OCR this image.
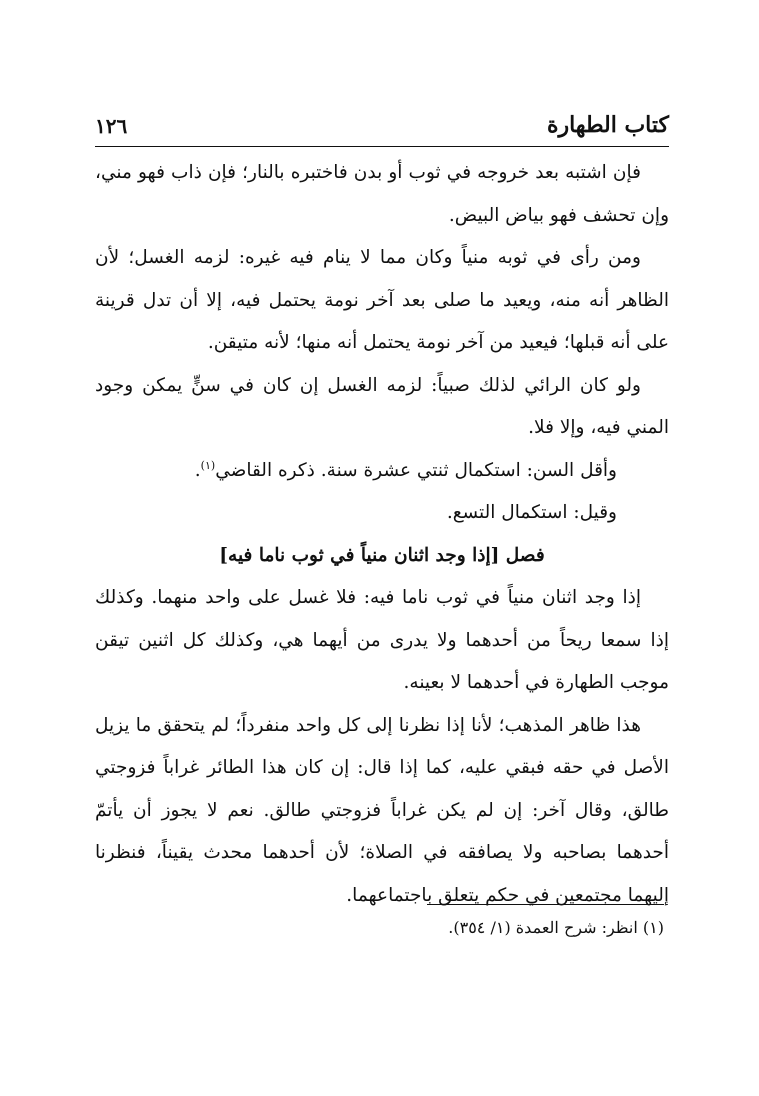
كتاب الطهارة
١٢٦

فإن اشتبه بعد خروجه في ثوب أو بدن فاختبره بالنار؛ فإن ذاب فهو مني، وإن تحشف فهو بياض البيض.

ومن رأى في ثوبه منياً وكان مما لا ينام فيه غيره: لزمه الغسل؛ لأن الظاهر أنه منه، ويعيد ما صلى بعد آخر نومة يحتمل فيه، إلا أن تدل قرينة على أنه قبلها؛ فيعيد من آخر نومة يحتمل أنه منها؛ لأنه متيقن.

ولو كان الرائي لذلك صبياً: لزمه الغسل إن كان في سنٍّ يمكن وجود المني فيه، وإلا فلا.

وأقل السن: استكمال ثنتي عشرة سنة. ذكره القاضي$^{(١)}$.

وقيل: استكمال التسع.

فصل [إذا وجد اثنان منياً في ثوب ناما فيه]

إذا وجد اثنان منياً في ثوب ناما فيه: فلا غسل على واحد منهما. وكذلك إذا سمعا ريحاً من أحدهما ولا يدرى من أيهما هي، وكذلك كل اثنين تيقن موجب الطهارة في أحدهما لا بعينه.

هذا ظاهر المذهب؛ لأنا إذا نظرنا إلى كل واحد منفرداً؛ لم يتحقق ما يزيل الأصل في حقه فبقي عليه، كما إذا قال: إن كان هذا الطائر غراباً فزوجتي طالق، وقال آخر: إن لم يكن غراباً فزوجتي طالق. نعم لا يجوز أن يأتمّ أحدهما بصاحبه ولا يصافقه في الصلاة؛ لأن أحدهما محدث يقيناً، فنظرنا إليهما مجتمعين في حكم يتعلق باجتماعهما.

(١) انظر: شرح العمدة (١/ ٣٥٤).
